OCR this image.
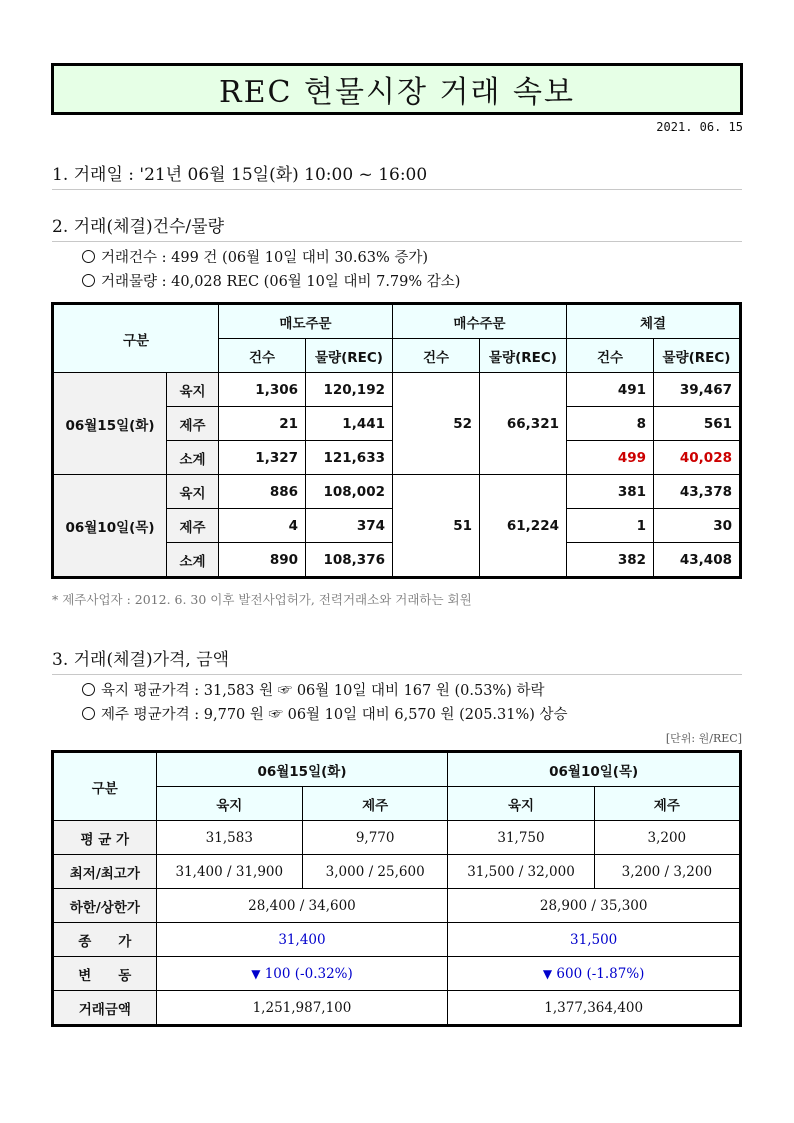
REC 현물시장 거래 속보
2021. 06. 15
1. 거래일 : '21년 06월 15일(화) 10:00 ~ 16:00
2. 거래(체결)건수/물량
거래건수 : 499 건 (06월 10일 대비 30.63% 증가)
거래물량 : 40,028 REC (06월 10일 대비 7.79% 감소)
구분		매도주문		매수주문		체결	
		건수	물량(REC)	건수	물량(REC)	건수	물량(REC)
06월15일(화)	육지	1,306	120,192	52	66,321	491	39,467
	제주	21	1,441			8	561
	소계	1,327	121,633			499	40,028
06월10일(목)	육지	886	108,002	51	61,224	381	43,378
	제주	4	374			1	30
	소계	890	108,376			382	43,408
* 제주사업자 : 2012. 6. 30 이후 발전사업허가, 전력거래소와 거래하는 회원
3. 거래(체결)가격, 금액
육지 평균가격 : 31,583 원 ☞ 06월 10일 대비 167 원 (0.53%) 하락
제주 평균가격 : 9,770 원 ☞ 06월 10일 대비 6,570 원 (205.31%) 상승
[단위: 원/REC]
구분	06월15일(화)		06월10일(목)	
	육지	제주	육지	제주
평 균 가	31,583	9,770	31,750	3,200
최저/최고가	31,400 / 31,900	3,000 / 25,600	31,500 / 32,000	3,200 / 3,200
하한/상한가	28,400 / 34,600		28,900 / 35,300	
종　　가	31,400		31,500	
변　　동	▼ 100 (-0.32%)		▼ 600 (-1.87%)	
거래금액	1,251,987,100		1,377,364,400	
